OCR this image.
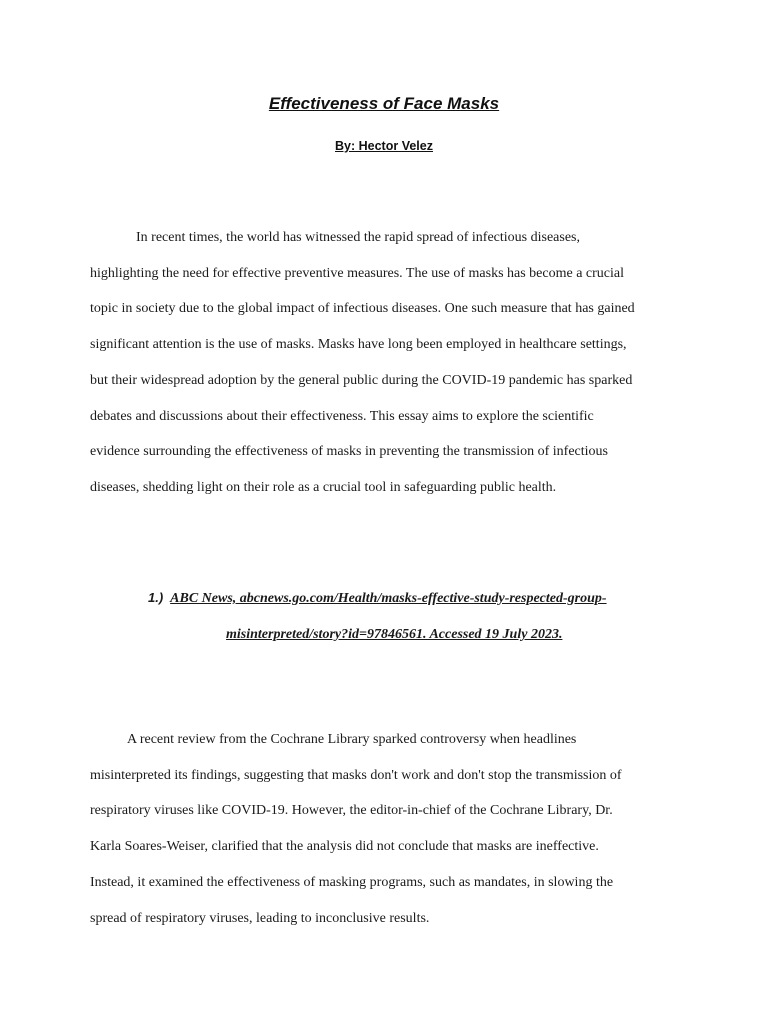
Effectiveness of Face Masks
By: Hector Velez

In recent times, the world has witnessed the rapid spread of infectious diseases,
highlighting the need for effective preventive measures. The use of masks has become a crucial
topic in society due to the global impact of infectious diseases. One such measure that has gained
significant attention is the use of masks. Masks have long been employed in healthcare settings,
but their widespread adoption by the general public during the COVID-19 pandemic has sparked
debates and discussions about their effectiveness. This essay aims to explore the scientific
evidence surrounding the effectiveness of masks in preventing the transmission of infectious
diseases, shedding light on their role as a crucial tool in safeguarding public health.

1.) ABC News, abcnews.go.com/Health/masks-effective-study-respected-group-
misinterpreted/story?id=97846561. Accessed 19 July 2023.

A recent review from the Cochrane Library sparked controversy when headlines
misinterpreted its findings, suggesting that masks don't work and don't stop the transmission of
respiratory viruses like COVID-19. However, the editor-in-chief of the Cochrane Library, Dr.
Karla Soares-Weiser, clarified that the analysis did not conclude that masks are ineffective.
Instead, it examined the effectiveness of masking programs, such as mandates, in slowing the
spread of respiratory viruses, leading to inconclusive results.
